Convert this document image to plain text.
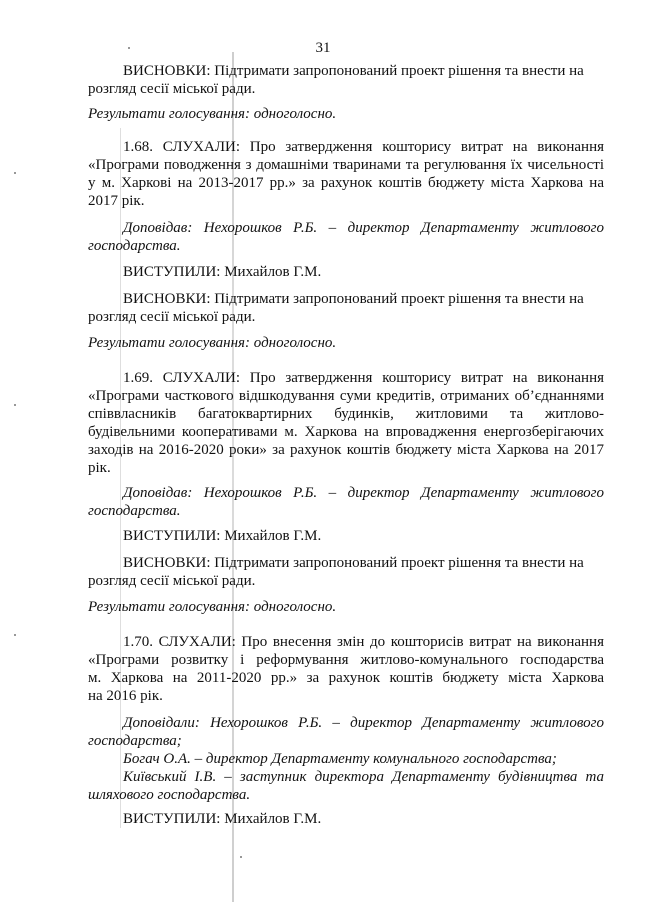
31
ВИСНОВКИ: Підтримати запропонований проект рішення та внести на
розгляд сесії міської ради.
Результати голосування: одноголосно.
1.68. СЛУХАЛИ: Про затвердження кошторису витрат на виконання
«Програми поводження з домашніми тваринами та регулювання їх чисельності
у м. Харкові на 2013-2017 рр.» за рахунок коштів бюджету міста Харкова на
2017 рік.
Доповідав: Нехорошков Р.Б. – директор Департаменту житлового
господарства.
ВИСТУПИЛИ: Михайлов Г.М.
ВИСНОВКИ: Підтримати запропонований проект рішення та внести на
розгляд сесії міської ради.
Результати голосування: одноголосно.
1.69. СЛУХАЛИ: Про затвердження кошторису витрат на виконання
«Програми часткового відшкодування суми кредитів, отриманих об’єднаннями
співвласників багатоквартирних будинків, житловими та житлово-
будівельними кооперативами м. Харкова на впровадження енергозберігаючих
заходів на 2016-2020 роки» за рахунок коштів бюджету міста Харкова на 2017
рік.
Доповідав: Нехорошков Р.Б. – директор Департаменту житлового
господарства.
ВИСТУПИЛИ: Михайлов Г.М.
ВИСНОВКИ: Підтримати запропонований проект рішення та внести на
розгляд сесії міської ради.
Результати голосування: одноголосно.
1.70. СЛУХАЛИ: Про внесення змін до кошторисів витрат на виконання
«Програми розвитку і реформування житлово-комунального господарства
м. Харкова на 2011-2020 рр.» за рахунок коштів бюджету міста Харкова
на 2016 рік.
Доповідали: Нехорошков Р.Б. – директор Департаменту житлового
господарства;
Богач О.А. – директор Департаменту комунального господарства;
Київський І.В. – заступник директора Департаменту будівництва та
шляхового господарства.
ВИСТУПИЛИ: Михайлов Г.М.
